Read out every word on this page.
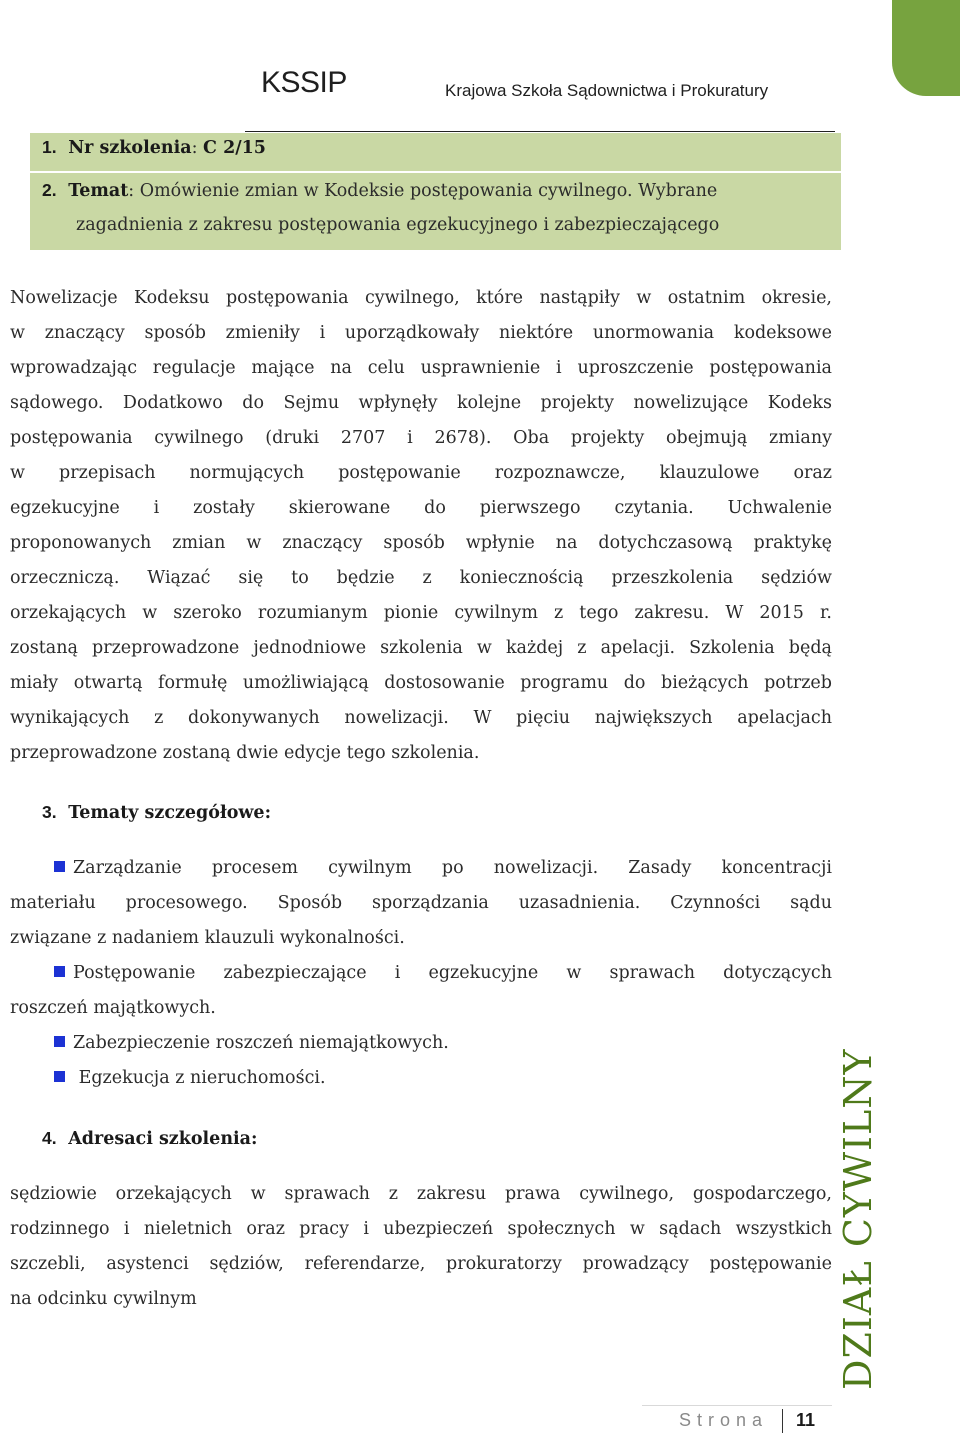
KSSIP	Krajowa Szkoła Sądownictwa i Prokuratury
1. Nr szkolenia: C 2/15
2. Temat: Omówienie zmian w Kodeksie postępowania cywilnego. Wybrane
zagadnienia z zakresu postępowania egzekucyjnego i zabezpieczającego
Nowelizacje Kodeksu postępowania cywilnego, które nastąpiły w ostatnim okresie,
w znaczący sposób zmieniły i uporządkowały niektóre unormowania kodeksowe
wprowadzając regulacje mające na celu usprawnienie i uproszczenie postępowania
sądowego. Dodatkowo do Sejmu wpłynęły kolejne projekty nowelizujące Kodeks
postępowania cywilnego (druki 2707 i 2678). Oba projekty obejmują zmiany
w przepisach normujących postępowanie rozpoznawcze, klauzulowe oraz
egzekucyjne i zostały skierowane do pierwszego czytania. Uchwalenie
proponowanych zmian w znaczący sposób wpłynie na dotychczasową praktykę
orzeczniczą. Wiązać się to będzie z koniecznością przeszkolenia sędziów
orzekających w szeroko rozumianym pionie cywilnym z tego zakresu. W 2015 r.
zostaną przeprowadzone jednodniowe szkolenia w każdej z apelacji. Szkolenia będą
miały otwartą formułę umożliwiającą dostosowanie programu do bieżących potrzeb
wynikających z dokonywanych nowelizacji. W pięciu największych apelacjach
przeprowadzone zostaną dwie edycje tego szkolenia.
3. Tematy szczegółowe:
Zarządzanie procesem cywilnym po nowelizacji. Zasady koncentracji
materiału procesowego. Sposób sporządzania uzasadnienia. Czynności sądu
związane z nadaniem klauzuli wykonalności.
Postępowanie zabezpieczające i egzekucyjne w sprawach dotyczących
roszczeń majątkowych.
Zabezpieczenie roszczeń niemajątkowych.
Egzekucja z nieruchomości.
4. Adresaci szkolenia:
sędziowie orzekających w sprawach z zakresu prawa cywilnego, gospodarczego,
rodzinnego i nieletnich oraz pracy i ubezpieczeń społecznych w sądach wszystkich
szczebli, asystenci sędziów, referendarze, prokuratorzy prowadzący postępowanie
na odcinku cywilnym	DZIAŁ CYWILNY
Strona 11
